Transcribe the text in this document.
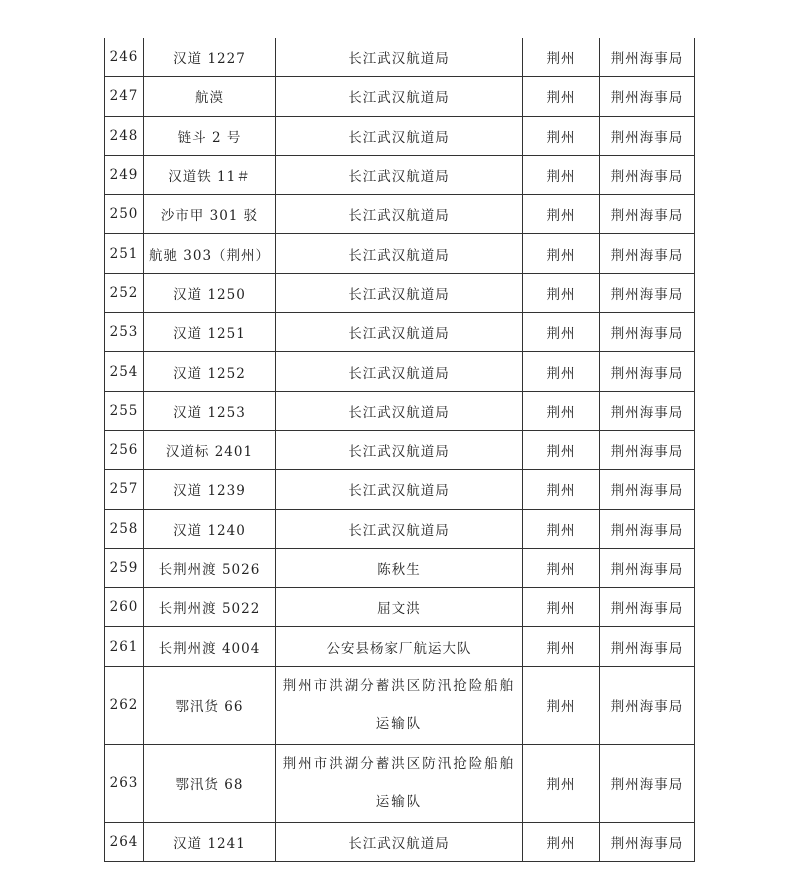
246	汉道 1227	长江武汉航道局	荆州	荆州海事局
247	航漠	长江武汉航道局	荆州	荆州海事局
248	链斗 2 号	长江武汉航道局	荆州	荆州海事局
249	汉道铁 11＃	长江武汉航道局	荆州	荆州海事局
250	沙市甲 301 驳	长江武汉航道局	荆州	荆州海事局
251	航驰 303（荆州）	长江武汉航道局	荆州	荆州海事局
252	汉道 1250	长江武汉航道局	荆州	荆州海事局
253	汉道 1251	长江武汉航道局	荆州	荆州海事局
254	汉道 1252	长江武汉航道局	荆州	荆州海事局
255	汉道 1253	长江武汉航道局	荆州	荆州海事局
256	汉道标 2401	长江武汉航道局	荆州	荆州海事局
257	汉道 1239	长江武汉航道局	荆州	荆州海事局
258	汉道 1240	长江武汉航道局	荆州	荆州海事局
259	长荆州渡 5026	陈秋生	荆州	荆州海事局
260	长荆州渡 5022	屈文洪	荆州	荆州海事局
261	长荆州渡 4004	公安县杨家厂航运大队	荆州	荆州海事局
262	鄂汛货 66	荆州市洪湖分蓄洪区防汛抢险船舶运输队	荆州	荆州海事局
263	鄂汛货 68	荆州市洪湖分蓄洪区防汛抢险船舶运输队	荆州	荆州海事局
264	汉道 1241	长江武汉航道局	荆州	荆州海事局
